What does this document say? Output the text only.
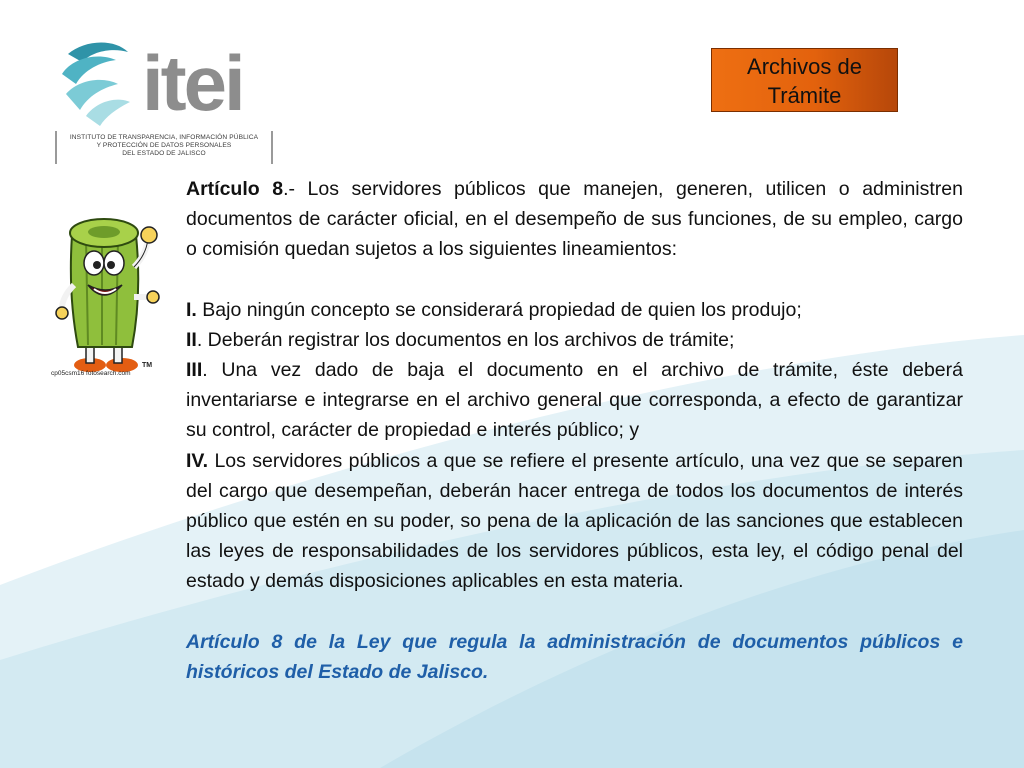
itei
INSTITUTO DE TRANSPARENCIA, INFORMACIÓN PÚBLICA
Y PROTECCIÓN DE DATOS PERSONALES
DEL ESTADO DE JALISCO
Archivos de
Trámite
cp05csm16 fotosearch.com
TM

Artículo 8.- Los servidores públicos que manejen, generen, utilicen o administren documentos de carácter oficial, en el desempeño de sus funciones, de su empleo, cargo o comisión quedan sujetos a los siguientes lineamientos:

I. Bajo ningún concepto se considerará propiedad de quien los produjo;

II. Deberán registrar los documentos en los archivos de trámite;

III. Una vez dado de baja el documento en el archivo de trámite, éste deberá inventariarse e integrarse en el archivo general que corresponda, a efecto de garantizar su control, carácter de propiedad e interés público; y

IV. Los servidores públicos a que se refiere el presente artículo, una vez que se separen del cargo que desempeñan, deberán hacer entrega de todos los documentos de interés público que estén en su poder, so pena de la aplicación de las sanciones que establecen las leyes de responsabilidades de los servidores públicos, esta ley, el código penal del estado y demás disposiciones aplicables en esta materia.

Artículo 8 de la Ley que regula la administración de documentos públicos e históricos del Estado de Jalisco.
